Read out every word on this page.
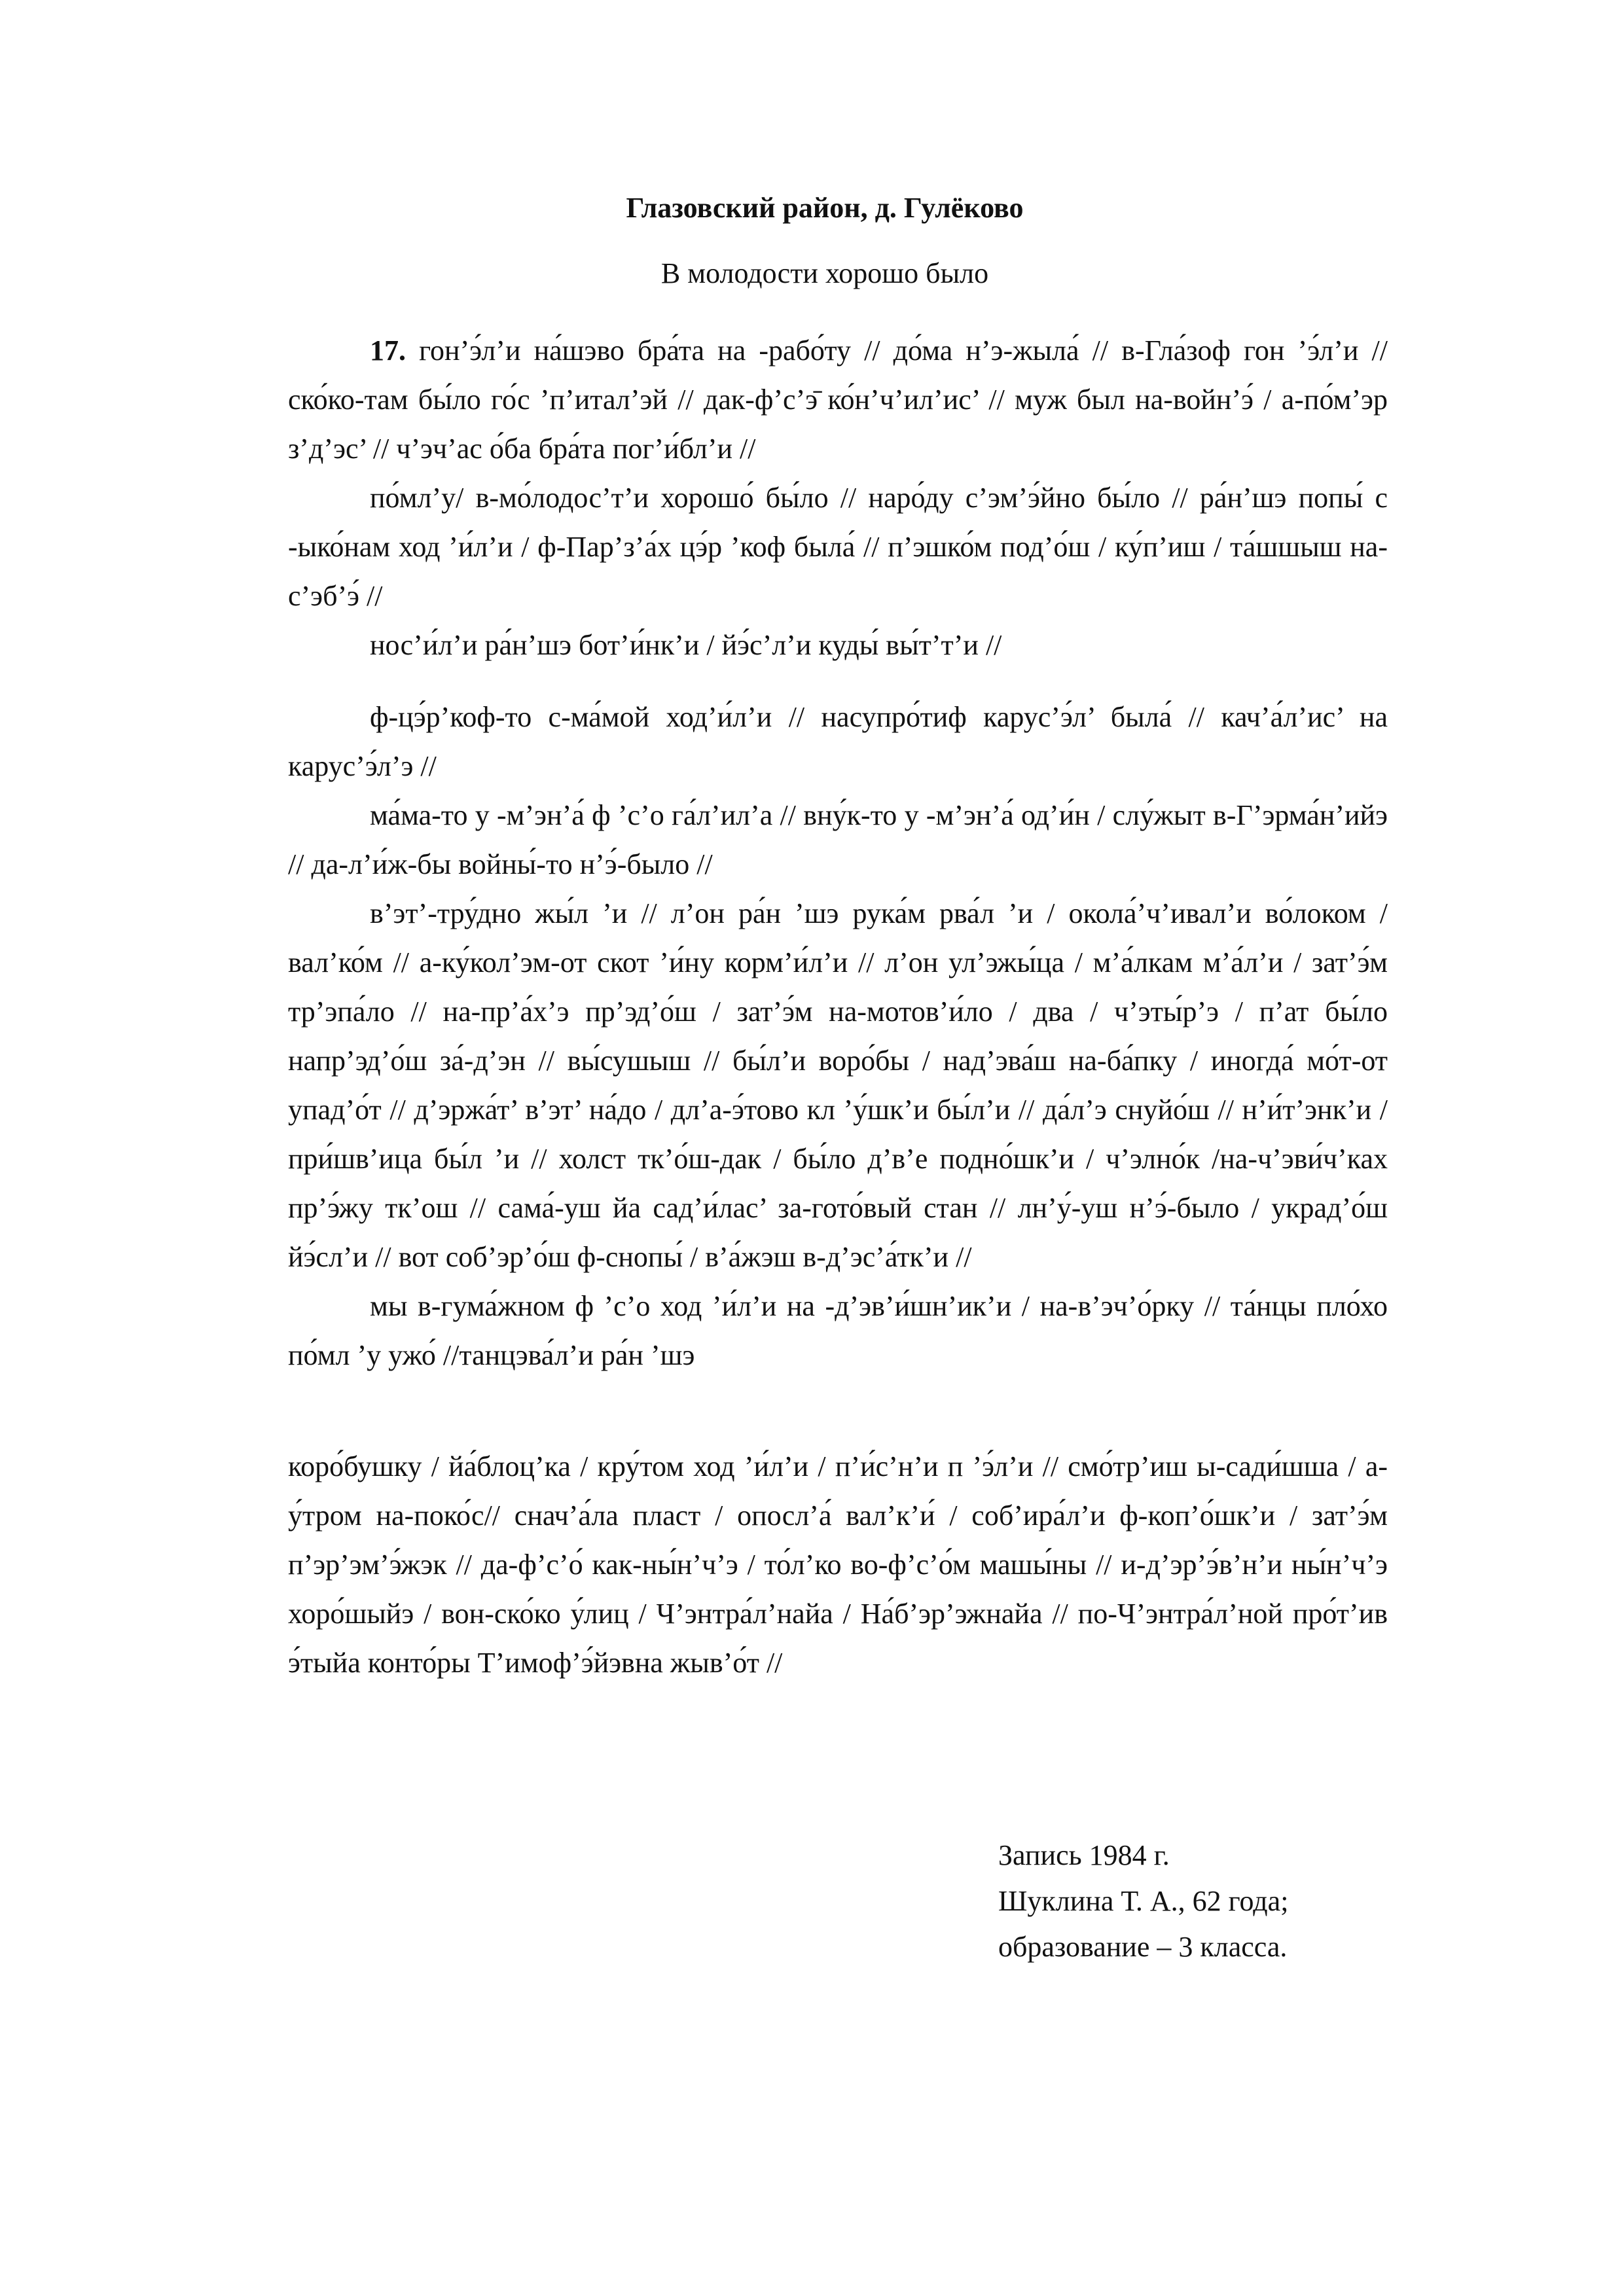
Глазовский район, д. Гулёково
В молодости хорошо было

17. гон’э́л’и на́шэво бра́та на -рабо́ту // до́ма н’э-жыла́ // в-Гла́зоф гон ’э́л’и // ско́ко-там бы́ло го́с ’п’итал’эй // дак-ф’с’э̄ ко́н’ч’ил’ис’ // муж был на-войн’э́ / а-по́м’эр з’д’эс’ // ч’эч’ас о́ба бра́та пог’и́бл’и //

по́мл’у/ в-мо́лодос’т’и хорошо́ бы́ло // наро́ду с’эм’э́йно бы́ло // ра́н’шэ попы́ с -ыко́нам ход ’и́л’и / ф-Пар’з’а́х цэ́р ’коф была́ // п’эшко́м под’о́ш / ку́п’иш / та́шшыш на-с’эб’э́ //

нос’и́л’и ра́н’шэ бот’и́нк’и / йэ́с’л’и куды́ вы́т’т’и //

ф-цэ́р’коф-то с-ма́мой ход’и́л’и // насупро́тиф карус’э́л’ была́ // кач’а́л’ис’ на карус’э́л’э //

ма́ма-то у -м’эн’а́ ф ’с’о га́л’ил’а // вну́к-то у -м’эн’а́ од’и́н / слу́жыт в-Г’эрма́н’ийэ // да-л’и́ж-бы войны́-то н’э́-было //

в’эт’-тру́дно жы́л ’и // л’он ра́н ’шэ рука́м рва́л ’и / окола́’ч’ивал’и во́локом / вал’ко́м // а-ку́кол’эм-от скот ’и́ну корм’и́л’и // л’он ул’эжы́ца / м’а́лкам м’а́л’и / зат’э́м тр’эпа́ло // на-пр’а́х’э пр’эд’о́ш / зат’э́м на-мотов’и́ло / два / ч’эты́р’э / п’ат бы́ло напр’эд’о́ш за́-д’эн // вы́сушыш // бы́л’и воро́бы / над’эва́ш на-ба́пку / иногда́ мо́т-от упад’о́т // д’эржа́т’ в’эт’ на́до / дл’а-э́тово кл ’у́шк’и бы́л’и // да́л’э снуйо́ш // н’и́т’энк’и / при́шв’ица бы́л ’и // холст тк’о́ш-дак / бы́ло д’в’е подно́шк’и / ч’элно́к /на-ч’эви́ч’ках пр’э́жу тк’ош // сама́-уш йа сад’и́лас’ за-гото́вый стан // лн’у́-уш н’э́-было / украд’о́ш йэ́сл’и // вот соб’эр’о́ш ф-снопы́ / в’а́жэш в-д’эс’а́тк’и //

мы в-гума́жном ф ’с’о ход ’и́л’и на -д’эв’и́шн’ик’и / на-в’эч’о́рку // та́нцы пло́хо по́мл ’у ужо́ //танцэва́л’и ра́н ’шэ

коро́бушку / йа́блоц’ка / кру́том ход ’и́л’и / п’и́с’н’и п ’э́л’и // смо́тр’иш ы-сади́шша / а-у́тром на-поко́с// снач’а́ла пласт / опосл’а́ вал’к’и́ / соб’ира́л’и ф-коп’о́шк’и / зат’э́м п’эр’эм’э́жэк // да-ф’с’о́ как-ны́н’ч’э / то́л’ко во-ф’с’о́м машы́ны // и-д’эр’э́в’н’и ны́н’ч’э хоро́шыйэ / вон-ско́ко у́лиц / Ч’энтра́л’найа / На́б’эр’эжнайа // по-Ч’энтра́л’ной про́т’ив э́тыйа конто́ры Т’имоф’э́йэвна жыв’о́т //

Запись 1984 г.
Шуклина Т. А., 62 года;
образование – 3 класса.
